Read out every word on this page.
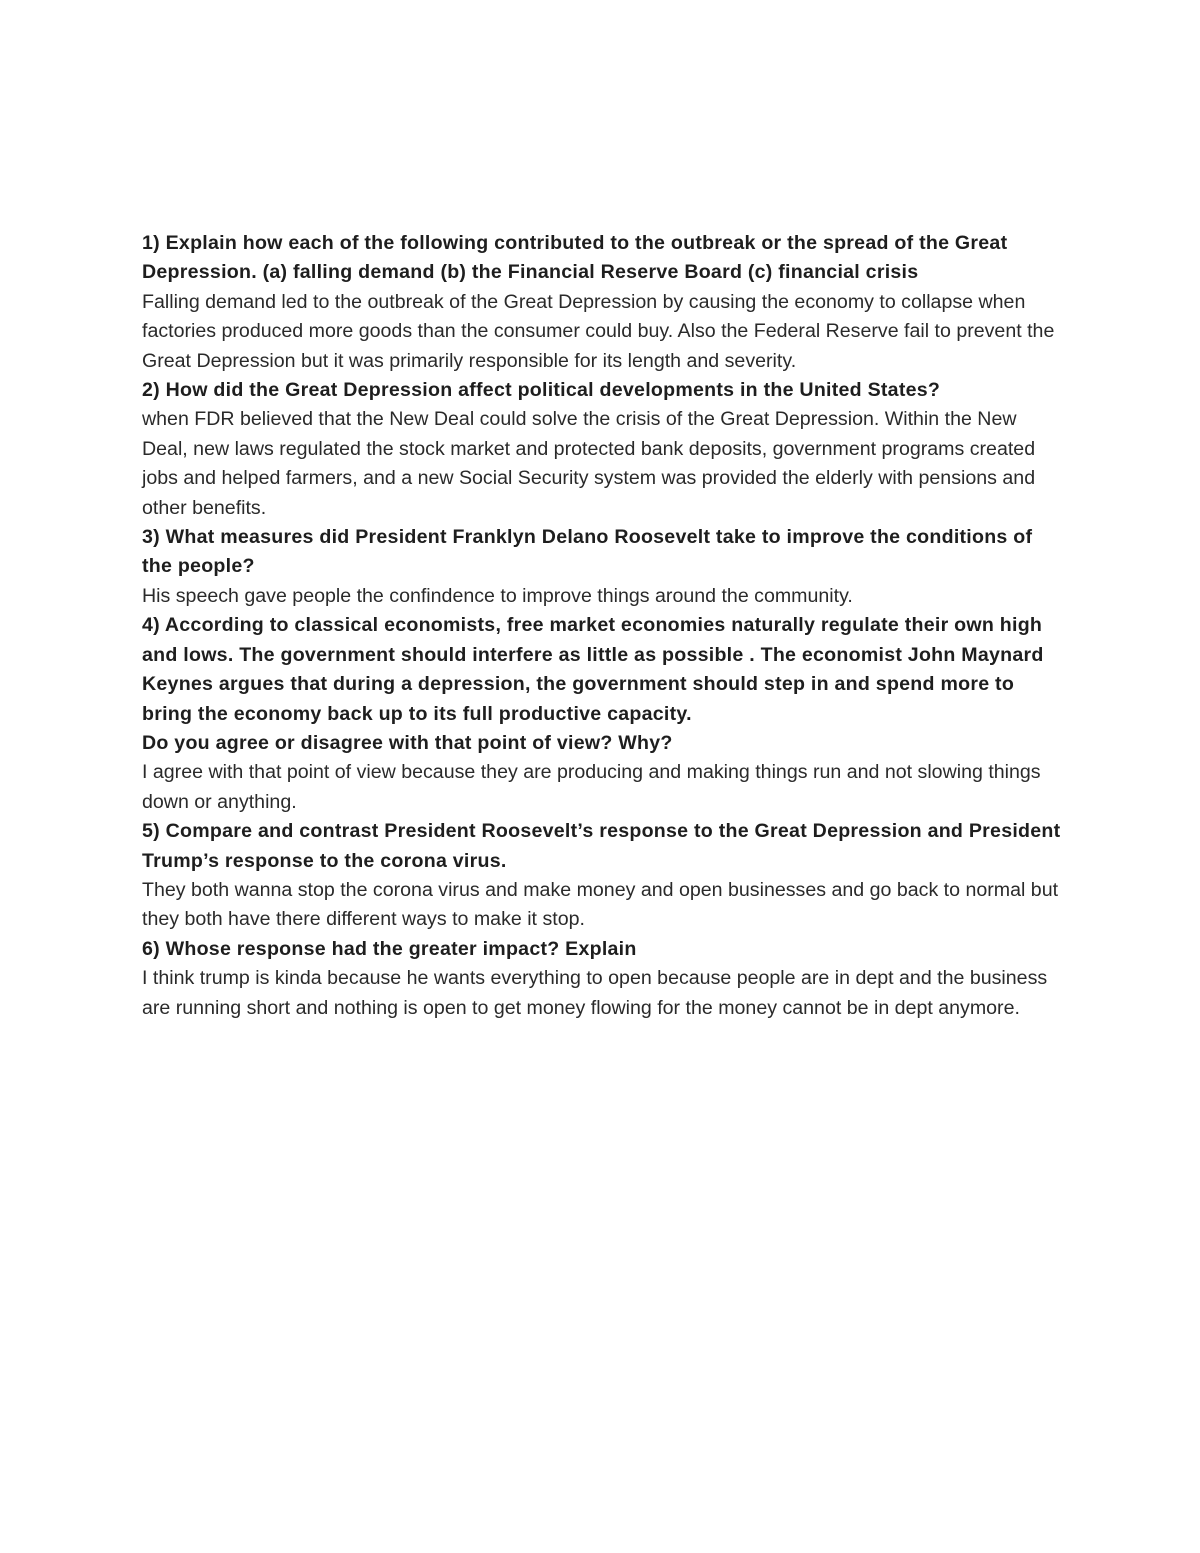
1) Explain how each of the following contributed to the outbreak or the spread of the Great Depression. (a) falling demand (b) the Financial Reserve Board (c) financial crisis

Falling demand led to the outbreak of the Great Depression by causing the economy to collapse when factories produced more goods than the consumer could buy. Also the Federal Reserve fail to prevent the Great Depression but it was primarily responsible for its length and severity.

2) How did the Great Depression affect political developments in the United States?

when FDR believed that the New Deal could solve the crisis of the Great Depression. Within the New Deal, new laws regulated the stock market and protected bank deposits, government programs created jobs and helped farmers, and a new Social Security system was provided the elderly with pensions and other benefits.

3) What measures did President Franklyn Delano Roosevelt take to improve the conditions of the people?

His speech gave people the confindence to improve things around the community.

4) According to classical economists, free market economies naturally regulate their own high and lows. The government should interfere as little as possible . The economist John Maynard Keynes argues that during a depression, the government should step in and spend more to bring the economy back up to its full productive capacity.

Do you agree or disagree with that point of view? Why?

I agree with that point of view because they are producing and making things run and not slowing things down or anything.

5) Compare and contrast President Roosevelt’s response to the Great Depression and President Trump’s response to the corona virus.

They both wanna stop the corona virus and make money and open businesses and go back to normal but they both have there different ways to make it stop.

6) Whose response had the greater impact? Explain

I think trump is kinda because he wants everything to open because people are in dept and the business are running short and nothing is open to get money flowing for the money cannot be in dept anymore.
